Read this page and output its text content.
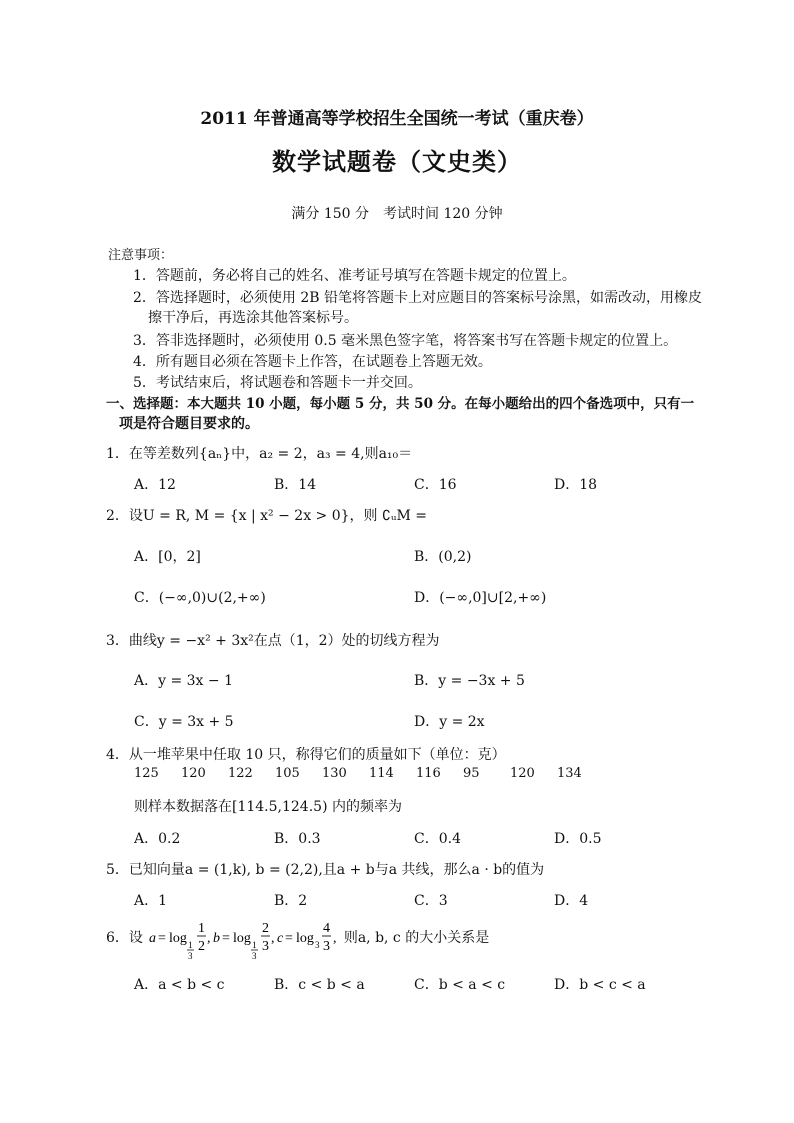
2011 年普通高等学校招生全国统一考试（重庆卷）
数学试题卷（文史类）
满分 150 分　考试时间 120 分钟
注意事项：
1．答题前，务必将自己的姓名、准考证号填写在答题卡规定的位置上。
2．答选择题时，必须使用 2B 铅笔将答题卡上对应题目的答案标号涂黑，如需改动，用橡皮
擦干净后，再选涂其他答案标号。
3．答非选择题时，必须使用 0.5 毫米黑色签字笔，将答案书写在答题卡规定的位置上。
4．所有题目必须在答题卡上作答，在试题卷上答题无效。
5．考试结束后，将试题卷和答题卡一并交回。
一、选择题：本大题共 10 小题，每小题 5 分，共 50 分。在每小题给出的四个备选项中，只有一
项是符合题目要求的。
1．在等差数列{aₙ}中，a₂ = 2，a₃ = 4,则a₁₀＝
A．12	B．14	C．16	D．18
2．设U = R, M = {x | x² − 2x > 0}，则 ∁ᵤM =
A．[0，2]	B．(0,2)
C．(−∞,0)∪(2,+∞)	D．(−∞,0]∪[2,+∞)
3．曲线y = −x² + 3x²在点（1，2）处的切线方程为
A．y = 3x − 1	B．y = −3x + 5
C．y = 3x + 5	D．y = 2x
4．从一堆苹果中任取 10 只，称得它们的质量如下（单位：克）
125 120 122 105 130 114 116 95 120 134
则样本数据落在[114.5,124.5) 内的频率为
A．0.2	B．0.3	C．0.4	D．0.5
5．已知向量a = (1,k), b = (2,2),且a + b与a 共线，那么a · b的值为
A．1	B．2	C．3	D．4
6．设 a = log 1
3
1
2
, b = log 1
3
2
3
, c = log 3
4
3
, 则a, b, c 的大小关系是
A．a < b < c	B．c < b < a	C．b < a < c	D．b < c < a
